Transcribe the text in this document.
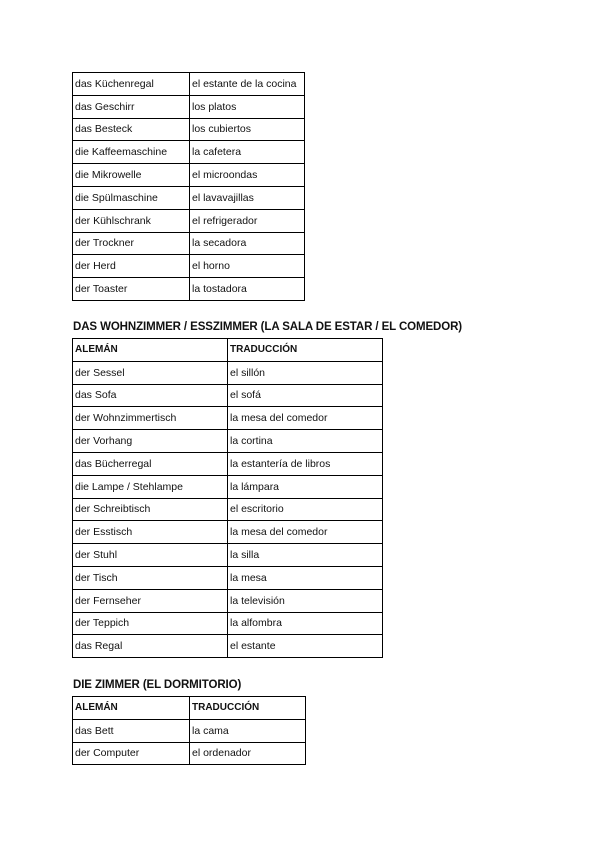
das Küchenregal	el estante de la cocina
das Geschirr	los platos
das Besteck	los cubiertos
die Kaffeemaschine	la cafetera
die Mikrowelle	el microondas
die Spülmaschine	el lavavajillas
der Kühlschrank	el refrigerador
der Trockner	la secadora
der Herd	el horno
der Toaster	la tostadora
DAS WOHNZIMMER / ESSZIMMER (LA SALA DE ESTAR / EL COMEDOR)
ALEMÁN	TRADUCCIÓN
der Sessel	el sillón
das Sofa	el sofá
der Wohnzimmertisch	la mesa del comedor
der Vorhang	la cortina
das Bücherregal	la estantería de libros
die Lampe / Stehlampe	la lámpara
der Schreibtisch	el escritorio
der Esstisch	la mesa del comedor
der Stuhl	la silla
der Tisch	la mesa
der Fernseher	la televisión
der Teppich	la alfombra
das Regal	el estante
DIE ZIMMER (EL DORMITORIO)
ALEMÁN	TRADUCCIÓN
das Bett	la cama
der Computer	el ordenador
